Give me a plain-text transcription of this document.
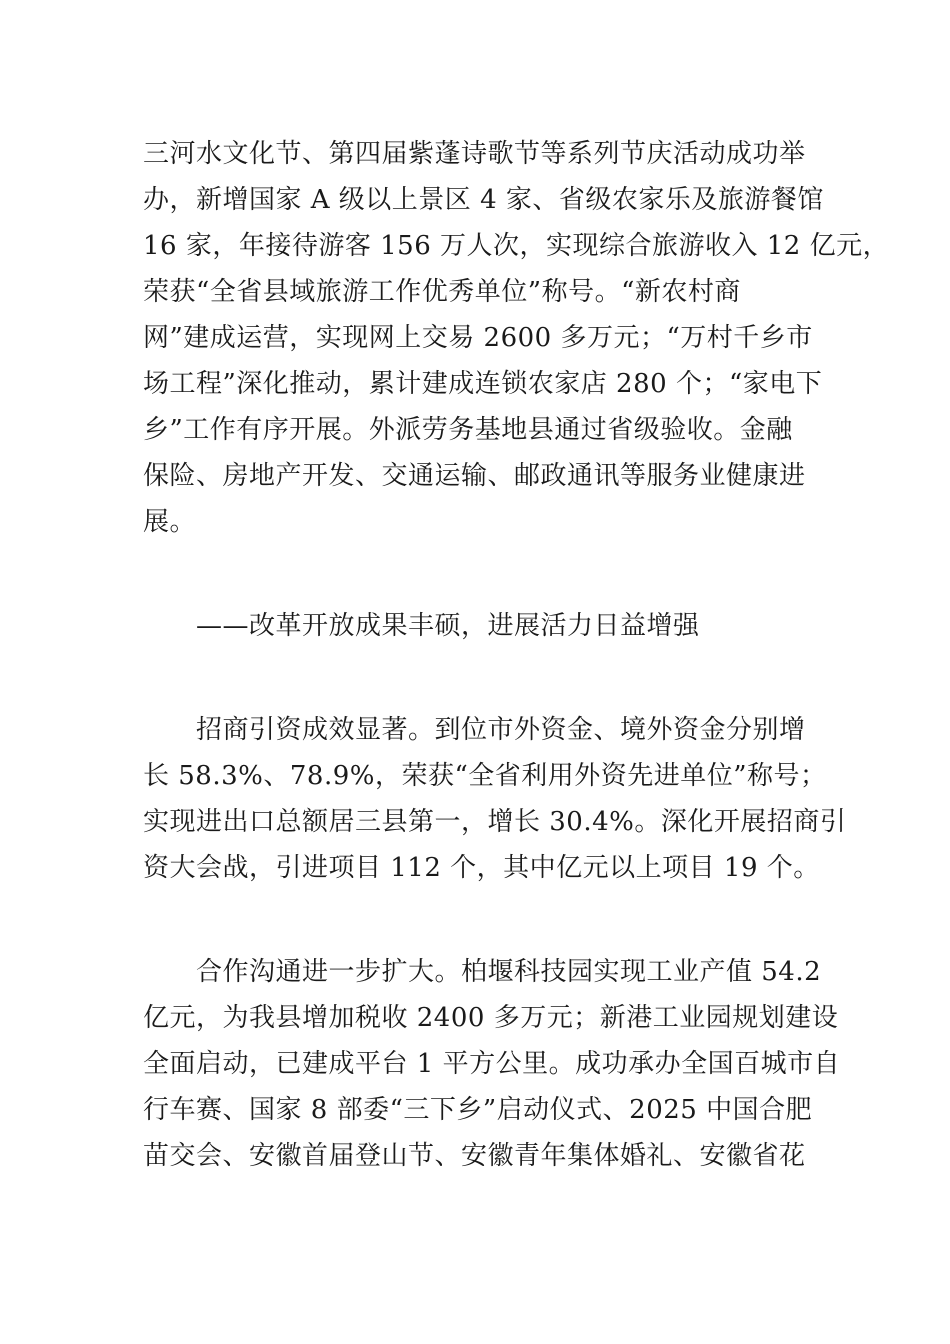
三河水文化节、第四届紫蓬诗歌节等系列节庆活动成功举
办，新增国家 A 级以上景区 4 家、省级农家乐及旅游餐馆
16 家，年接待游客 156 万人次，实现综合旅游收入 12 亿元，
荣获“全省县域旅游工作优秀单位”称号。“新农村商
网”建成运营，实现网上交易 2600 多万元；“万村千乡市
场工程”深化推动，累计建成连锁农家店 280 个；“家电下
乡”工作有序开展。外派劳务基地县通过省级验收。金融
保险、房地产开发、交通运输、邮政通讯等服务业健康进
展。
——改革开放成果丰硕，进展活力日益增强
招商引资成效显著。到位市外资金、境外资金分别增
长 58.3%、78.9%，荣获“全省利用外资先进单位”称号；
实现进出口总额居三县第一，增长 30.4%。深化开展招商引
资大会战，引进项目 112 个，其中亿元以上项目 19 个。
合作沟通进一步扩大。柏堰科技园实现工业产值 54.2
亿元，为我县增加税收 2400 多万元；新港工业园规划建设
全面启动，已建成平台 1 平方公里。成功承办全国百城市自
行车赛、国家 8 部委“三下乡”启动仪式、2025 中国合肥
苗交会、安徽首届登山节、安徽青年集体婚礼、安徽省花
